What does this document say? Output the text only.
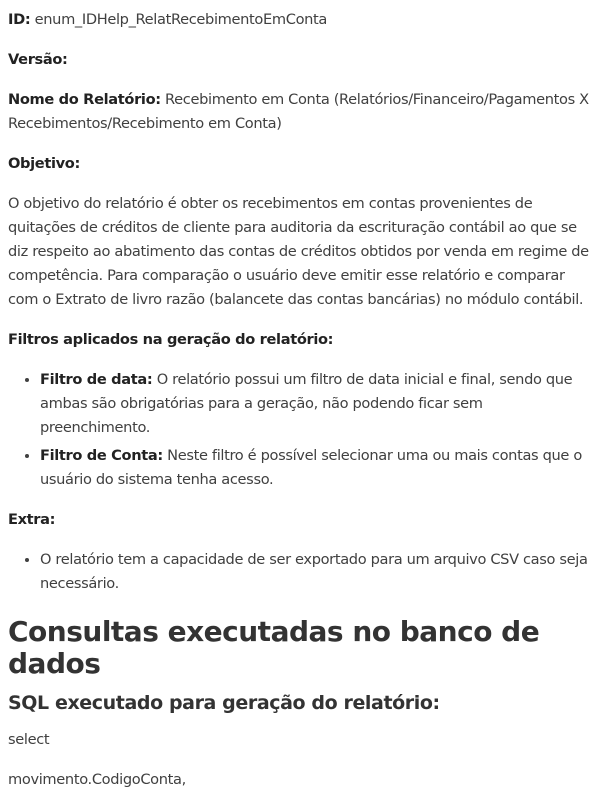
ID: enum_IDHelp_RelatRecebimentoEmConta

Versão:

Nome do Relatório: Recebimento em Conta (Relatórios/Financeiro/Pagamentos X Recebimentos/Recebimento em Conta)

Objetivo:

O objetivo do relatório é obter os recebimentos em contas provenientes de quitações de créditos de cliente para auditoria da escrituração contábil ao que se diz respeito ao abatimento das contas de créditos obtidos por venda em regime de competência. Para comparação o usuário deve emitir esse relatório e comparar com o Extrato de livro razão (balancete das contas bancárias) no módulo contábil.

Filtros aplicados na geração do relatório:

• Filtro de data: O relatório possui um filtro de data inicial e final, sendo que ambas são obrigatórias para a geração, não podendo ficar sem preenchimento.
• Filtro de Conta: Neste filtro é possível selecionar uma ou mais contas que o usuário do sistema tenha acesso.

Extra:

• O relatório tem a capacidade de ser exportado para um arquivo CSV caso seja necessário.
Consultas executadas no banco de dados
SQL executado para geração do relatório:

select

movimento.CodigoConta,
